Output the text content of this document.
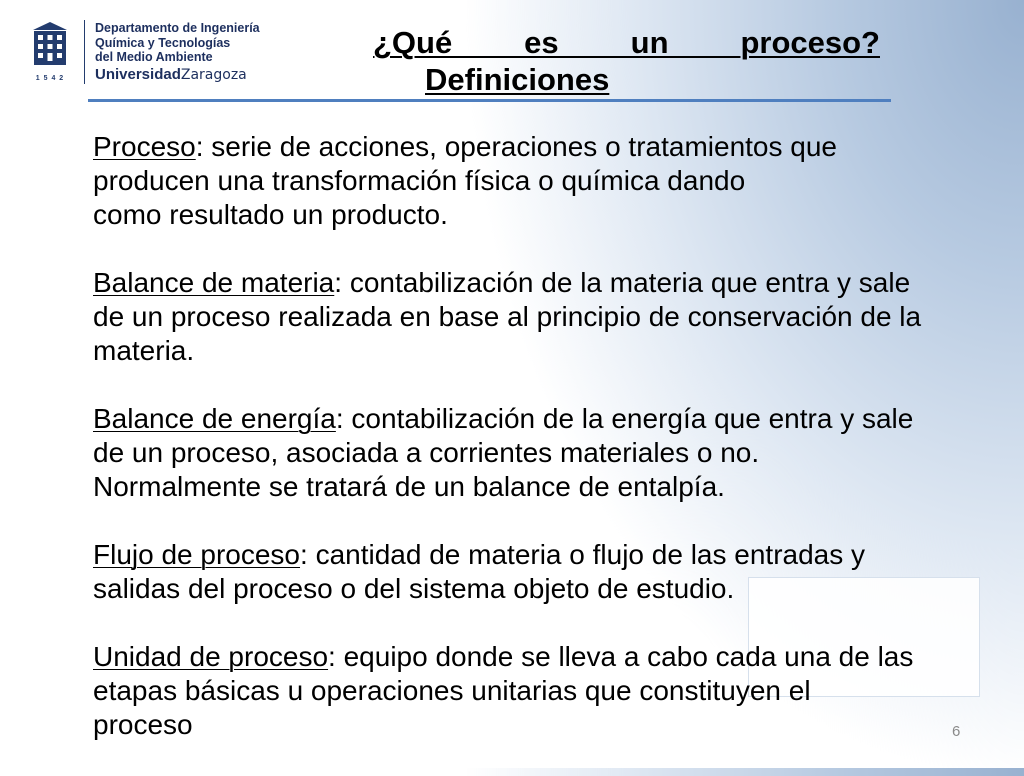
1 5 4 2
Departamento de Ingeniería
Química y Tecnologías
del Medio Ambiente
UniversidadZaragoza
¿Qué es un proceso?
Definiciones
Proceso: serie de acciones, operaciones o tratamientos que
producen una transformación física o química dando
como resultado un producto.
Balance de materia: contabilización de la materia que entra y sale
de un proceso realizada en base al principio de conservación de la
materia.
Balance de energía: contabilización de la energía que entra y sale
de un proceso, asociada a corrientes materiales o no.
Normalmente se tratará de un balance de entalpía.
Flujo de proceso: cantidad de materia o flujo de las entradas y
salidas del proceso o del sistema objeto de estudio.
Unidad de proceso: equipo donde se lleva a cabo cada una de las
etapas básicas u operaciones unitarias que constituyen el
proceso	6
